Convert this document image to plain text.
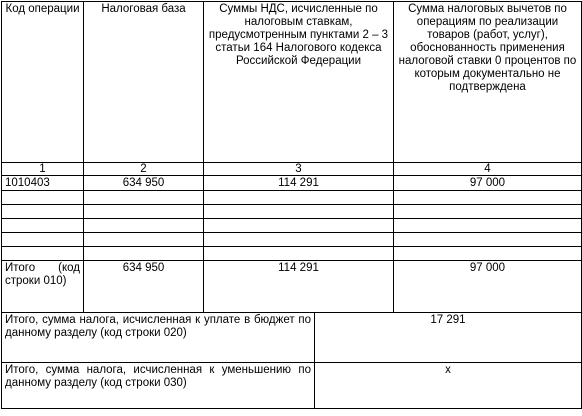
Код операции	Налоговая база	Суммы НДС, исчисленные по налоговым ставкам, предусмотренным пунктами 2 – 3 статьи 164 Налогового кодекса Российской Федерации	Сумма налоговых вычетов по операциям по реализации товаров (работ, услуг), обоснованность применения налоговой ставки 0 процентов по которым документально не подтверждена
1	2	3	4
1010403	634 950	114 291	97 000

Итого (код строки 010)	634 950	114 291	97 000
Итого, сумма налога, исчисленная к уплате в бюджет по данному разделу (код строки 020)	17 291
Итого, сумма налога, исчисленная к уменьшению по данному разделу (код строки 030)	х
